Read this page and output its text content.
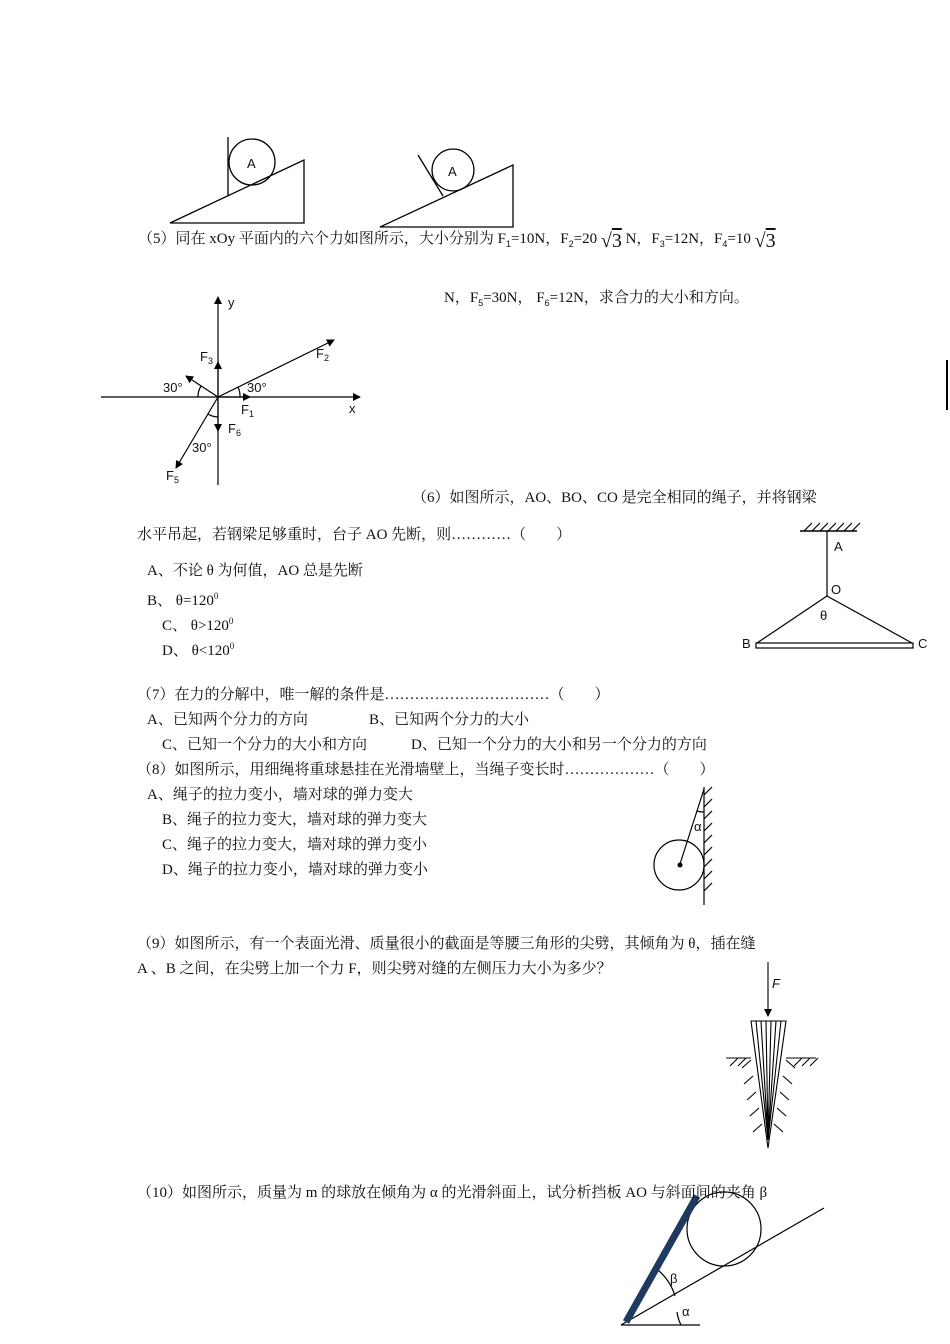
A
A
y
x
$F_3$	$F_2$
$F_1$
$F_6$
$F_5$
30°	30°
30°
A
O
θ
B	C
α
F
β
α
（5）同在 xOy 平面内的六个力如图所示，大小分别为 $F_1=10N$，$F_2=20$ √3 N，$F_3=12N$，$F_4=10$ √3
N，$F_5=30N$， $F_6=12N$，求合力的大小和方向。
（6）如图所示，AO、BO、CO 是完全相同的绳子，并将钢梁
水平吊起，若钢梁足够重时，台子 AO 先断，则…………（　　）
A、不论 θ 为何值，AO 总是先断
B、 $\theta=120^0$
C、 $\theta>120^0$
D、 $\theta<120^0$
（7）在力的分解中，唯一解的条件是……………………………（　　）
A、已知两个分力的方向	B、已知两个分力的大小
C、已知一个分力的大小和方向	D、已知一个分力的大小和另一个分力的方向
（8）如图所示，用细绳将重球悬挂在光滑墙壁上，当绳子变长时………………（　　）
A、绳子的拉力变小，墙对球的弹力变大
B、绳子的拉力变大，墙对球的弹力变大
C、绳子的拉力变大，墙对球的弹力变小
D、绳子的拉力变小，墙对球的弹力变小
（9）如图所示，有一个表面光滑、质量很小的截面是等腰三角形的尖劈，其倾角为 θ，插在缝
A 、B 之间，在尖劈上加一个力 F，则尖劈对缝的左侧压力大小为多少？
（10）如图所示，质量为 m 的球放在倾角为 α 的光滑斜面上，试分析挡板 AO 与斜面间的夹角 β
